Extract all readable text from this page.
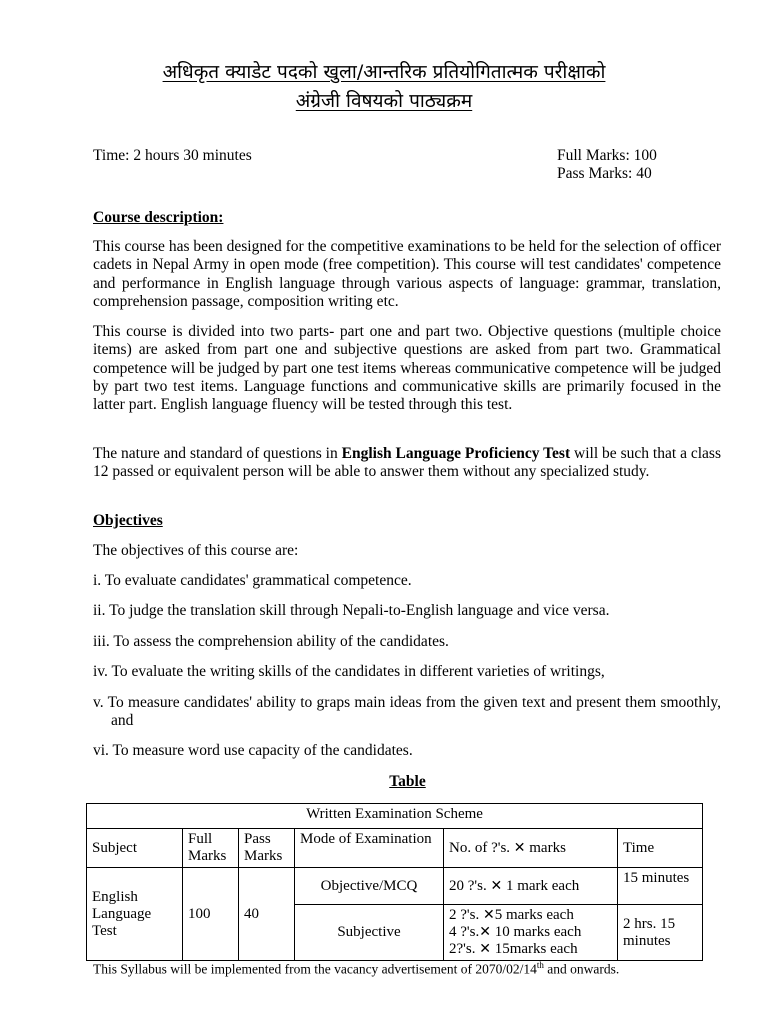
अधिकृत क्याडेट पदको खुला/आन्तरिक प्रतियोगितात्मक परीक्षाको
अंग्रेजी विषयको पाठ्यक्रम
Time: 2 hours 30 minutes	Full Marks: 100
Pass Marks: 40
Course description:
This course has been designed for the competitive examinations to be held for the selection of officer cadets in Nepal Army in open mode (free competition). This course will test candidates' competence and performance in English language through various aspects of language: grammar, translation, comprehension passage, composition writing etc.
This course is divided into two parts- part one and part two. Objective questions (multiple choice items) are asked from part one and subjective questions are asked from part two. Grammatical competence will be judged by part one test items whereas communicative competence will be judged by part two test items. Language functions and communicative skills are primarily focused in the latter part. English language fluency will be tested through this test.
The nature and standard of questions in English Language Proficiency Test will be such that a class 12 passed or equivalent person will be able to answer them without any specialized study.
Objectives
The objectives of this course are:
i. To evaluate candidates' grammatical competence.
ii. To judge the translation skill through Nepali-to-English language and vice versa.
iii. To assess the comprehension ability of the candidates.
iv. To evaluate the writing skills of the candidates in different varieties of writings,
v. To measure candidates' ability to graps main ideas from the given text and present them smoothly, and
vi. To measure word use capacity of the candidates.
Table
Written Examination Scheme					
Subject	Full Marks	Pass Marks	Mode of Examination	No. of ?'s. ✕ marks	Time
English Language Test	100	40	Objective/MCQ	20 ?'s. ✕ 1 mark each	15 minutes
			Subjective	2 ?'s. ✕5 marks each
4 ?'s.✕ 10 marks each
2?'s. ✕ 15marks each	2 hrs. 15 minutes
This Syllabus will be implemented from the vacancy advertisement of 2070/02/14th and onwards.
